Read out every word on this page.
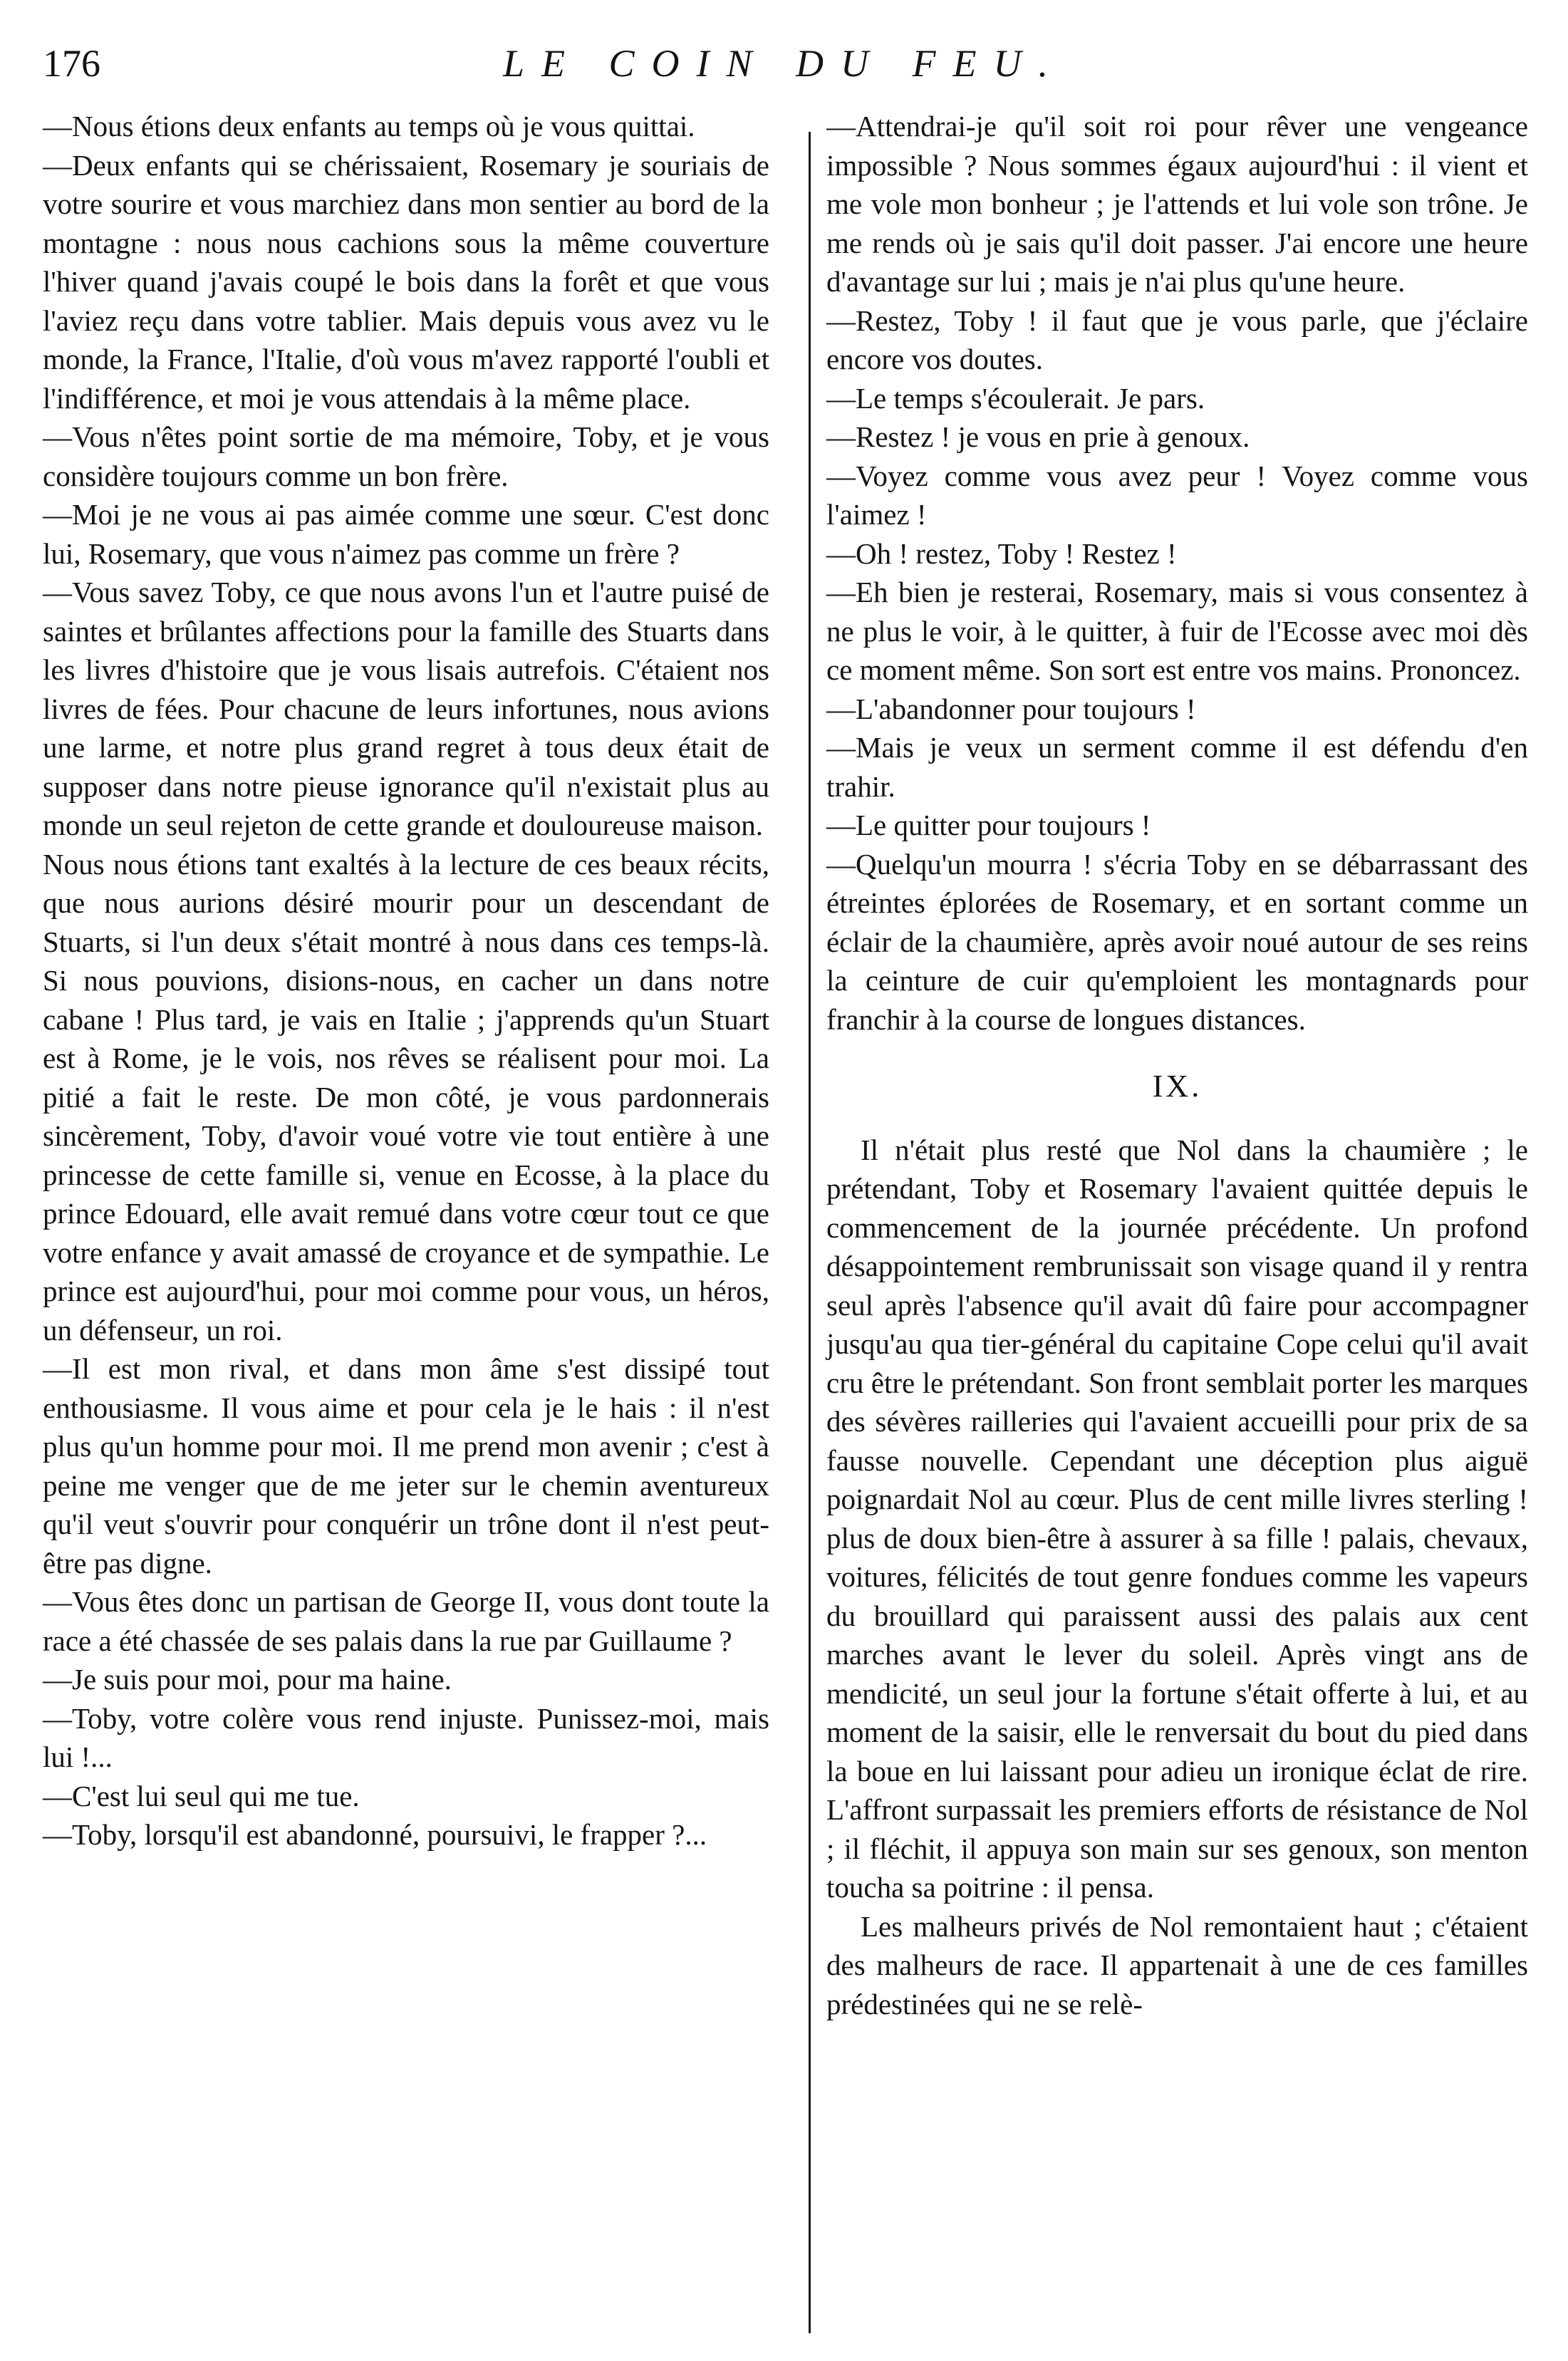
176	LE COIN DU FEU.

—Nous étions deux enfants au temps où je vous quittai.

—Deux enfants qui se chérissaient, Rosemary je souriais de votre sourire et vous marchiez dans mon sentier au bord de la montagne : nous nous cachions sous la même couverture l'hiver quand j'avais coupé le bois dans la forêt et que vous l'aviez reçu dans votre tablier. Mais depuis vous avez vu le monde, la France, l'Italie, d'où vous m'avez rapporté l'oubli et l'indifférence, et moi je vous attendais à la même place.

—Vous n'êtes point sortie de ma mémoire, Toby, et je vous considère toujours comme un bon frère.

—Moi je ne vous ai pas aimée comme une sœur. C'est donc lui, Rosemary, que vous n'aimez pas comme un frère ?

—Vous savez Toby, ce que nous avons l'un et l'autre puisé de saintes et brûlantes affections pour la famille des Stuarts dans les livres d'histoire que je vous lisais autrefois. C'étaient nos livres de fées. Pour chacune de leurs infortunes, nous avions une larme, et notre plus grand regret à tous deux était de supposer dans notre pieuse ignorance qu'il n'existait plus au monde un seul rejeton de cette grande et douloureuse maison.

Nous nous étions tant exaltés à la lecture de ces beaux récits, que nous aurions désiré mourir pour un descendant de Stuarts, si l'un deux s'était montré à nous dans ces temps-là. Si nous pouvions, disions-nous, en cacher un dans notre cabane ! Plus tard, je vais en Italie ; j'apprends qu'un Stuart est à Rome, je le vois, nos rêves se réalisent pour moi. La pitié a fait le reste. De mon côté, je vous pardonnerais sincèrement, Toby, d'avoir voué votre vie tout entière à une princesse de cette famille si, venue en Ecosse, à la place du prince Edouard, elle avait remué dans votre cœur tout ce que votre enfance y avait amassé de croyance et de sympathie. Le prince est aujourd'hui, pour moi comme pour vous, un héros, un défenseur, un roi.

—Il est mon rival, et dans mon âme s'est dissipé tout enthousiasme. Il vous aime et pour cela je le hais : il n'est plus qu'un homme pour moi. Il me prend mon avenir ; c'est à peine me venger que de me jeter sur le chemin aventureux qu'il veut s'ouvrir pour conquérir un trône dont il n'est peut-être pas digne.

—Vous êtes donc un partisan de George II, vous dont toute la race a été chassée de ses palais dans la rue par Guillaume ?

—Je suis pour moi, pour ma haine.

—Toby, votre colère vous rend injuste. Punissez-moi, mais lui !...

—C'est lui seul qui me tue.

—Toby, lorsqu'il est abandonné, poursuivi, le frapper ?...

—Attendrai-je qu'il soit roi pour rêver une vengeance impossible ? Nous sommes égaux aujourd'hui : il vient et me vole mon bonheur ; je l'attends et lui vole son trône. Je me rends où je sais qu'il doit passer. J'ai encore une heure d'avantage sur lui ; mais je n'ai plus qu'une heure.

—Restez, Toby ! il faut que je vous parle, que j'éclaire encore vos doutes.

—Le temps s'écoulerait. Je pars.

—Restez ! je vous en prie à genoux.

—Voyez comme vous avez peur ! Voyez comme vous l'aimez !

—Oh ! restez, Toby ! Restez !

—Eh bien je resterai, Rosemary, mais si vous consentez à ne plus le voir, à le quitter, à fuir de l'Ecosse avec moi dès ce moment même. Son sort est entre vos mains. Prononcez.

—L'abandonner pour toujours !

—Mais je veux un serment comme il est défendu d'en trahir.

—Le quitter pour toujours !

—Quelqu'un mourra ! s'écria Toby en se débarrassant des étreintes éplorées de Rosemary, et en sortant comme un éclair de la chaumière, après avoir noué autour de ses reins la ceinture de cuir qu'emploient les montagnards pour franchir à la course de longues distances.

IX.

Il n'était plus resté que Nol dans la chaumière ; le prétendant, Toby et Rosemary l'avaient quittée depuis le commencement de la journée précédente. Un profond désappointement rembrunissait son visage quand il y rentra seul après l'absence qu'il avait dû faire pour accompagner jusqu'au qua tier-général du capitaine Cope celui qu'il avait cru être le prétendant. Son front semblait porter les marques des sévères railleries qui l'avaient accueilli pour prix de sa fausse nouvelle. Cependant une déception plus aiguë poignardait Nol au cœur. Plus de cent mille livres sterling ! plus de doux bien-être à assurer à sa fille ! palais, chevaux, voitures, félicités de tout genre fondues comme les vapeurs du brouillard qui paraissent aussi des palais aux cent marches avant le lever du soleil. Après vingt ans de mendicité, un seul jour la fortune s'était offerte à lui, et au moment de la saisir, elle le renversait du bout du pied dans la boue en lui laissant pour adieu un ironique éclat de rire. L'affront surpassait les premiers efforts de résistance de Nol ; il fléchit, il appuya son main sur ses genoux, son menton toucha sa poitrine : il pensa.

Les malheurs privés de Nol remontaient haut ; c'étaient des malheurs de race. Il appartenait à une de ces familles prédestinées qui ne se relè-
